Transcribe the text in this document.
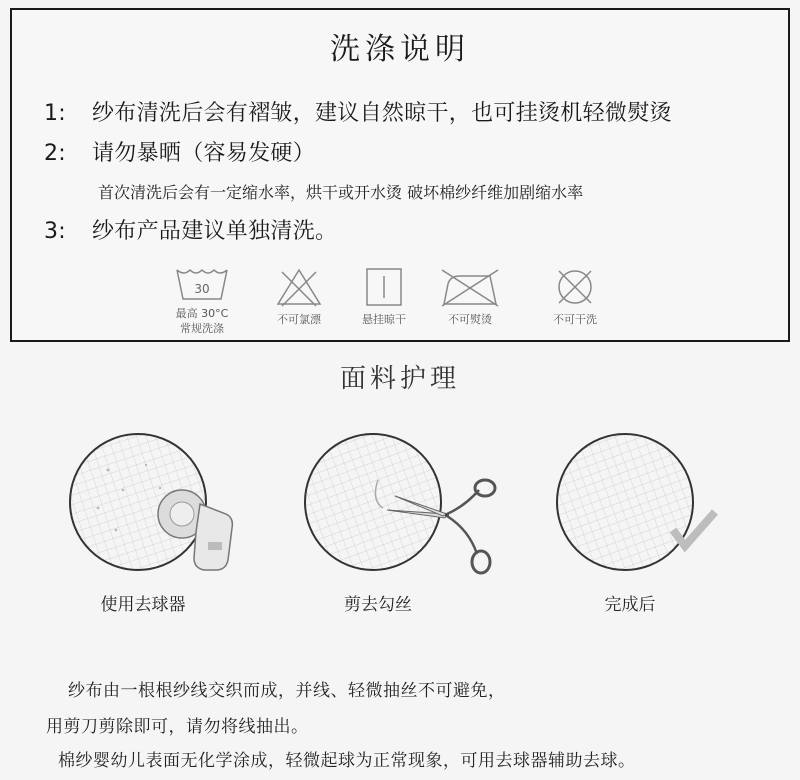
洗涤说明
1: 纱布清洗后会有褶皱，建议自然晾干，也可挂烫机轻微熨烫
2: 请勿暴晒（容易发硬）
首次清洗后会有一定缩水率，烘干或开水烫 破坏棉纱纤维加剧缩水率
3: 纱布产品建议单独清洗。
30
最高 30°C
常规洗涤
不可氯漂	悬挂晾干	不可熨烫	不可干洗
面料护理
使用去球器	剪去勾丝	完成后
纱布由一根根纱线交织而成，并线、轻微抽丝不可避免，
用剪刀剪除即可，请勿将线抽出。
棉纱婴幼儿表面无化学涂成，轻微起球为正常现象，可用去球器辅助去球。
